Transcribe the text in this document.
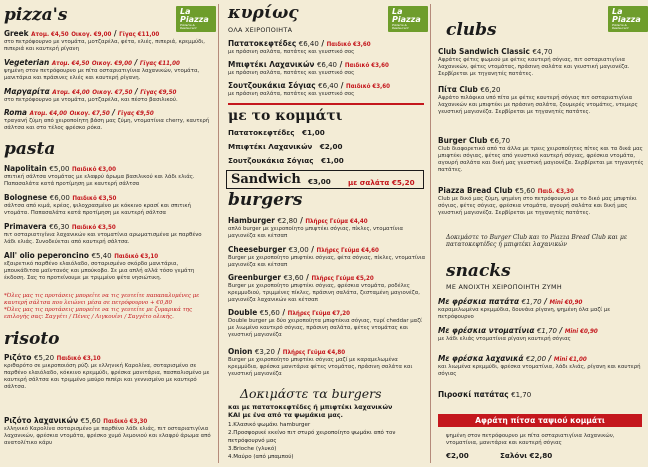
La Piazza
Pizzeria & Restaurant
pizza's
Greek Ατομ. €4,50 Οικογ. €9,00 / Γίγας €11,00
στο πετρόφουρνο με ντομάτα, μοτζαρέλα, φέτα, ελιές, πιπεριά, κρεμμύδι, πιπεριά και καυτερή ρίγανη
Vegeterian Ατομ. €4,50 Οικογ. €9,00 / Γίγας €11,00
ψημένη στον πετρόφουρνο με πίτα οσταριατιγίνια λαχανικών, ντομάτα, μανιτάρια και πράσινες ελιές και καυτερή ρίγανη.
Μαργαρίτα Ατομ. €4,00 Οικογ. €7,50 / Γίγας €9,50
στο πετρόφουρνο με ντομάτα, μοτζαρέλα, και πέστο βασιλικού.
Roma Ατομ. €4,00 Οικογ. €7,50 / Γίγας €9,50
τραγανή ζύμη από χειροποίητη βάση μας ζύμη, ντοματίνια cherry, καυτερή σάλτσα και στο τέλος φρέσκο ρόκα.
pasta
Napolitain €5,00 Παιδικό €3,00
σπιτική σάλτσα ντομάτας με ελαφρύ άρωμα βασιλικού και λάδι ελιάς. Παπασαλάτα κατά προτίμηση με καυτερή σάλτσα
Bolognese €6,00 Παιδικό €3,50
σάλτσα από κιμά, κρέας, ψιλοχρασμένο με κόκκινο κρασί και σπιτική ντομάτα. Παπασαλάτα κατά προτίμηση με καυτερή σάλτσα
Primavera €6,30 Παιδικό €3,50
πιτ οσταριατιγίνια λαχανικών και ντοματίνια αρωματισμένα με παρθένο λάδι ελιάς. Συνοδεύεται από καυτερή σάλτσα.
All' olio peperoncino €5,40 Παιδικό €3,10
εξαιρετικό παρθένο ελαιόλαδο, σοταρισμένο σκόρδο μανιτάρια, μπουκάδιτσα μαϊντανός και μπούκοβο. Σε μια απλή αλλά τόσο γεμάτη έκδοση. Σας το προτείνουμε με τριμμένο φέτα νησιώτικη.
*Όλες μας τις προτάσεις μπορείτε να τις γευτείτε παπαπαλυμένες με καυτερή σάλτσα που λειώνει μέσα σε πετρόφουρνο + €0,80
*Όλες μας τις προτάσεις μπορείτε να τις γευτείτε με ζυμαρικά της επιλογής σας: Σαγγέτι / Πένες / Λιγκουίνι / Σαγγέτο ολικής.
risoto
Ριζότο €5,20 Παιδικό €3,10
κριθαρότο σε μικροποιόση ρύζι με ελληνική Καρολίνα, σοταρισμένο σε παρθένο ελαιόλαδο, κόκκινο κρεμμύδι, φρέσκα μανιτάρια, πασπαλισμένο με καυτερή σάλτσα και τριμμένο μαύρο πιπέρι και γεννισμένο με καυτερό σάλτσα.
Ριζότο λαχανικών €5,60 Παιδικό €3,30
ελληνικό Καρολίνα σοταρισμένο με παρθένο λάδι ελιάς, πιτ οσταριατιγίνια λαχανικών, φρέσκια ντομάτα, φρέσκο χυμό λεμονιού και ελαφρύ άρωμα από ανατολίτικο κάρυ
La Piazza
Pizzeria & Restaurant
κυρίως
ΟΛΑ ΧΕΙΡΟΠΟΙΗΤΑ
Πατατοκεφτέδες €6,40 / Παιδικό €3,60
με πράσινη σαλάτα, πατάτες και γευστικό σος
Μπιφτέκι Λαχανικών €6,40 / Παιδικό €3,60
με πράσινη σαλάτα, πατάτες και γευστικό σος
Σουτζουκάκια Σόγιας €6,40 / Παιδικό €3,60
με πράσινη σαλάτα, πατάτες και γευστικό σος
με το κομμάτι
Πατατοκεφτέδες €1,00
Μπιφτέκι Λαχανικών €2,00
Σουτζουκάκια Σόγιας €1,00
Sandwich €3,00 με σαλάτα €5,20
burgers
Hamburger €2,80 / Πλήρες Γεύμα €4,40
απλό burger με χειροποίητο μπιφτέκι σόγιας, πίκλες, ντοματίνια μαγιονέζα και κέτσαπ
Cheeseburger €3,00 / Πλήρες Γεύμα €4,60
Burger με χειροποίητο μπιφτέκι σόγιας, φέτα σόγιας, πίκλες, ντοματίνια μαγιονέζα και κέτσαπ
Greenburger €3,60 / Πλήρες Γεύμα €5,20
Burger με χειροποίητο μπιφτέκι σόγιας, φρέσκια ντομάτα, ροδέλες κρεμμυδιού, τριμμένες πίκλες, πράσινη σαλάτα, ζεσταμένη μαγιονέζα, μαγιονέζα λαχανικών και κέτσαπ
Double €5,60 / Πλήρες Γεύμα €7,20
Double burger με δύο χειροποίητα μπιφτέκια σόγιας, τυρί cheddar μαζί με λιωμένο καυτερό σόγιας, πράσινη σαλάτα, φέτες ντομάτας και γευστική μαγιονέζα
Onion €3,20 / Πλήρες Γεύμα €4,80
Burger με χειροποίητο μπιφτέκι σόγιας μαζί με καραμελωμένα κρεμμύδια, φρέσκα μανιτάρια φέτες ντομάτας, πράσινη σαλάτα και γευστική μαγιονέζα
Δοκιμάστε τα burgers
και με πατατοκεφτέδες ή μπιφτέκι λαχανικών
ΚΑΙ με ένα από τα ψωμάκια μας.
1.Κλασικό ψωμάκι hamburger
2.Προσφορικέ εκείνο πιτ στυρό χειροποίητο ψωμάκι από τον πετρόφουρνό μας
3.Brioche (γλυκό)
4.Μαύρο (από μπαμπού)
La Piazza
Pizzeria & Restaurant
clubs
Club Sandwich Classic €4,70
Αφράτες φέτες ψωμιού με φέτες καυτερή σόγιας, πιτ οσταριατιγίνια λαχανικών, φέτες ντομάτας, πράσινη σαλάτα και γευστική μαγιονέζα. Σερβίρεται με τηγανητές πατάτες.
Πίτα Club €6,20
Αφράτο πιλάφικα υπό πίτα με φέτες καυτερή σόγιας πιτ οσταριατιγίνια λαχανικών και μπιφτέκι με πράσινη σαλάτα, ζουμερές ντομάτες, ντεμερς γευστική μαγιονέζα. Σερβίρεται με τηγανητές πατάτες.
Burger Club €6,70
Club διαφορετικό από τα άλλα με τρεις χειροποίητες πίτες και τα δικά μας μπιφτέκι σόγιας, φέτες από γευστικό καυτερή σόγιας, φρέσκια ντομάτα, αγουρή σαλάτα και δική μας γευστική μαγιονέζα. Σερβίρεται με τηγανητές πατάτες.
Piazza Bread Club €5,60 Παιδ. €3,30
Club με δικό μας ζύμη, ψημένη στο πετρόφουρνο με το δικό μας μπιφτέκι σόγιας, φέτες σόγιας, φρέσκια ντομάτα, αγουρή σαλάτα και δική μας γευστική μαγιονέζα. Σερβίρεται με τηγανητές πατάτες.
Δοκιμάστε το Burger Club και το Piazza Bread Club και με πατατοκεφτέδες ή μπιφτέκι λαχανικών
snacks
ΜΕ ΑΝΟΙΧΤΗ ΧΕΙΡΟΠΟΙΗΤΗ ΖΥΜΗ
Με φρέσκια πατάτα €1,70 / Mini €0,90
καραμελωμένα κρεμμύδια, δουνάια ρίγανη, ψημένη όλα μαζί με πετρόφουρνο
Με φρέσκια ντοματίνια €1,70 / Mini €0,90
με λάδι ελιάς ντοματίνια ρίγανη καυτερή σόγιας
Με φρέσκα λαχανικά €2,00 / Mini €1,00
και λιωμένα κρεμμύδι, φρέσκα ντοματίνια, λάδι ελιάς, ρίγανη και καυτερή σόγιας
Πιροσκί πατάτας €1,70
Αφράτη πίτσα ταψιού κομμάτι
ψημένη στον πετρόφουρνο με πίτα οσταριατιγίνια λαχανικών, ντοματίνια, μανιτάρια και καυτερή σόγιας
€2,00	Σαλόνι €2,80
